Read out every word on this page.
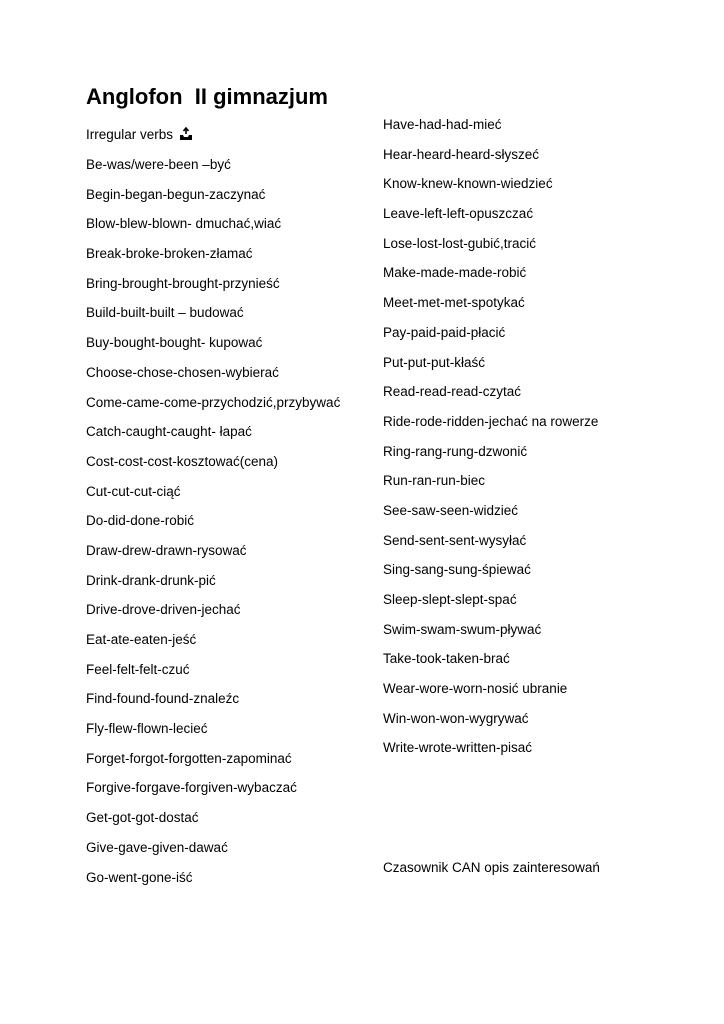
Anglofon  II gimnazjum
Irregular verbs
Be-was/were-been –być
Begin-began-begun-zaczynać
Blow-blew-blown- dmuchać,wiać
Break-broke-broken-złamać
Bring-brought-brought-przynieść
Build-built-built – budować
Buy-bought-bought- kupować
Choose-chose-chosen-wybierać
Come-came-come-przychodzić,przybywać
Catch-caught-caught- łapać
Cost-cost-cost-kosztować(cena)
Cut-cut-cut-ciąć
Do-did-done-robić
Draw-drew-drawn-rysować
Drink-drank-drunk-pić
Drive-drove-driven-jechać
Eat-ate-eaten-jeść
Feel-felt-felt-czuć
Find-found-found-znaleźc
Fly-flew-flown-lecieć
Forget-forgot-forgotten-zapominać
Forgive-forgave-forgiven-wybaczać
Get-got-got-dostać
Give-gave-given-dawać
Go-went-gone-iść
Have-had-had-mieć
Hear-heard-heard-słyszeć
Know-knew-known-wiedzieć
Leave-left-left-opuszczać
Lose-lost-lost-gubić,tracić
Make-made-made-robić
Meet-met-met-spotykać
Pay-paid-paid-płacić
Put-put-put-kłaść
Read-read-read-czytać
Ride-rode-ridden-jechać na rowerze
Ring-rang-rung-dzwonić
Run-ran-run-biec
See-saw-seen-widzieć
Send-sent-sent-wysyłać
Sing-sang-sung-śpiewać
Sleep-slept-slept-spać
Swim-swam-swum-pływać
Take-took-taken-brać
Wear-wore-worn-nosić ubranie
Win-won-won-wygrywać
Write-wrote-written-pisać
Czasownik CAN opis zainteresowań
